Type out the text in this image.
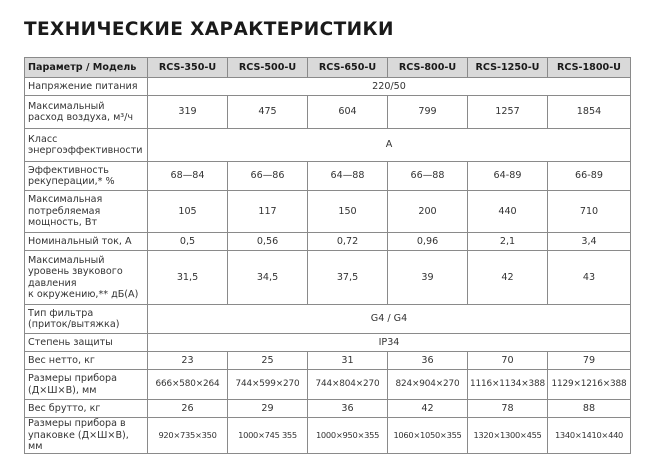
ТЕХНИЧЕСКИЕ ХАРАКТЕРИСТИКИ
Параметр / Модель	RCS-350-U	RCS-500-U	RCS-650-U	RCS-800-U	RCS-1250-U	RCS-1800-U
Напряжение питания	220/50					
Максимальный
расход воздуха, м³/ч	319	475	604	799	1257	1854
Класс
энергоэффективности	A					
Эффективность
рекуперации,* %	68—84	66—86	64—88	66—88	64-89	66-89
Максимальная
потребляемая
мощность, Вт	105	117	150	200	440	710
Номинальный ток, А	0,5	0,56	0,72	0,96	2,1	3,4
Максимальный
уровень звукового
давления
к окружению,** дБ(А)	31,5	34,5	37,5	39	42	43
Тип фильтра
(приток/вытяжка)	G4 / G4					
Степень защиты	IP34					
Вес нетто, кг	23	25	31	36	70	79
Размеры прибора
(Д×Ш×В), мм	666×580×264	744×599×270	744×804×270	824×904×270	1116×1134×388	1129×1216×388
Вес брутто, кг	26	29	36	42	78	88
Размеры прибора в
упаковке (Д×Ш×В), мм	920×735×350	1000×745 355	1000×950×355	1060×1050×355	1320×1300×455	1340×1410×440
